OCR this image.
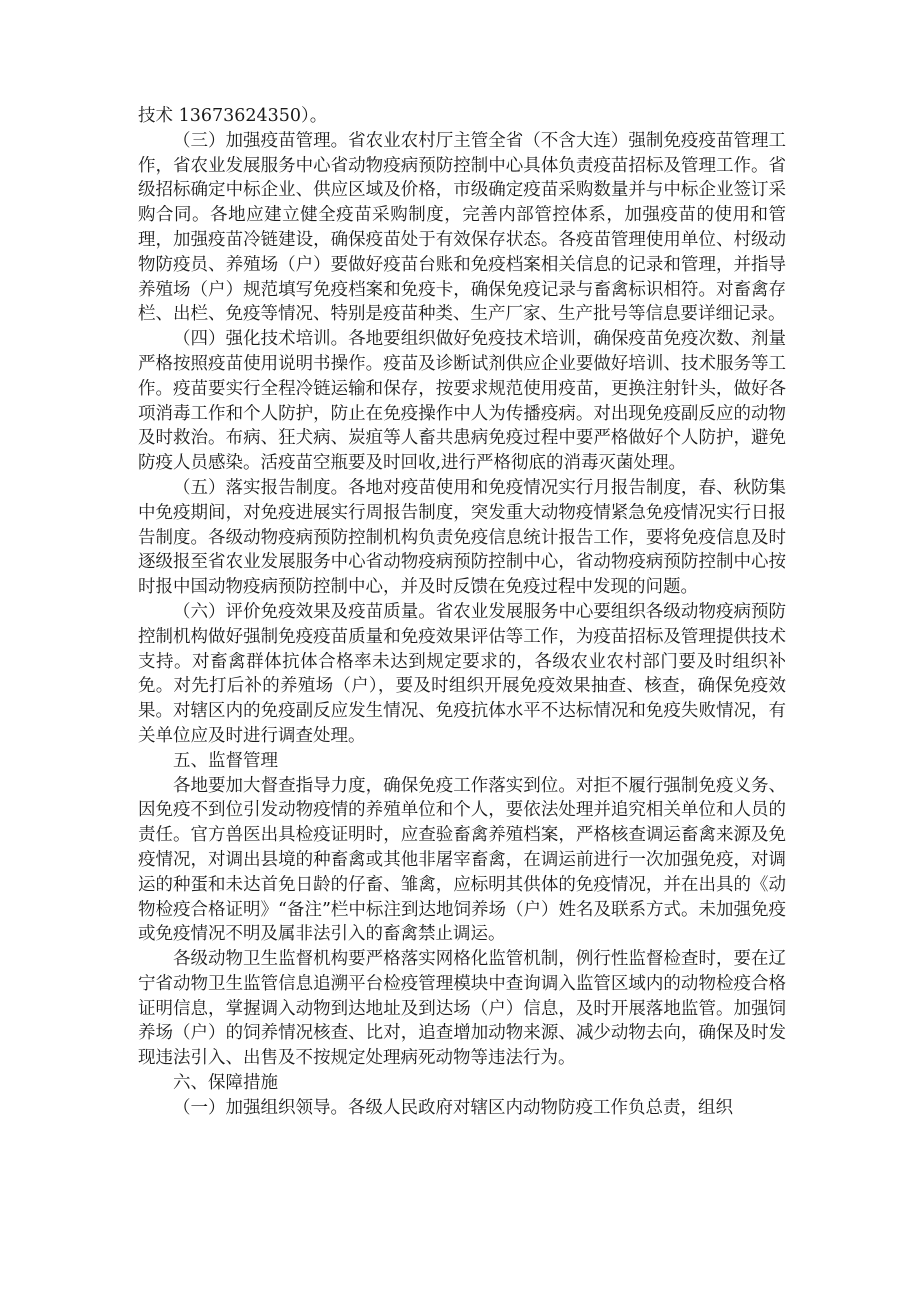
技术 13673624350）。

（三）加强疫苗管理。省农业农村厅主管全省（不含大连）强制免疫疫苗管理工作，省农业发展服务中心省动物疫病预防控制中心具体负责疫苗招标及管理工作。省级招标确定中标企业、供应区域及价格，市级确定疫苗采购数量并与中标企业签订采购合同。各地应建立健全疫苗采购制度，完善内部管控体系，加强疫苗的使用和管理，加强疫苗冷链建设，确保疫苗处于有效保存状态。各疫苗管理使用单位、村级动物防疫员、养殖场（户）要做好疫苗台账和免疫档案相关信息的记录和管理，并指导养殖场（户）规范填写免疫档案和免疫卡，确保免疫记录与畜禽标识相符。对畜禽存栏、出栏、免疫等情况、特别是疫苗种类、生产厂家、生产批号等信息要详细记录。

（四）强化技术培训。各地要组织做好免疫技术培训，确保疫苗免疫次数、剂量严格按照疫苗使用说明书操作。疫苗及诊断试剂供应企业要做好培训、技术服务等工作。疫苗要实行全程冷链运输和保存，按要求规范使用疫苗，更换注射针头，做好各项消毒工作和个人防护，防止在免疫操作中人为传播疫病。对出现免疫副反应的动物及时救治。布病、狂犬病、炭疽等人畜共患病免疫过程中要严格做好个人防护，避免防疫人员感染。活疫苗空瓶要及时回收,进行严格彻底的消毒灭菌处理。

（五）落实报告制度。各地对疫苗使用和免疫情况实行月报告制度，春、秋防集中免疫期间，对免疫进展实行周报告制度，突发重大动物疫情紧急免疫情况实行日报告制度。各级动物疫病预防控制机构负责免疫信息统计报告工作，要将免疫信息及时逐级报至省农业发展服务中心省动物疫病预防控制中心，省动物疫病预防控制中心按时报中国动物疫病预防控制中心，并及时反馈在免疫过程中发现的问题。

（六）评价免疫效果及疫苗质量。省农业发展服务中心要组织各级动物疫病预防控制机构做好强制免疫疫苗质量和免疫效果评估等工作，为疫苗招标及管理提供技术支持。对畜禽群体抗体合格率未达到规定要求的，各级农业农村部门要及时组织补免。对先打后补的养殖场（户），要及时组织开展免疫效果抽查、核查，确保免疫效果。对辖区内的免疫副反应发生情况、免疫抗体水平不达标情况和免疫失败情况，有关单位应及时进行调查处理。

五、监督管理

各地要加大督查指导力度，确保免疫工作落实到位。对拒不履行强制免疫义务、因免疫不到位引发动物疫情的养殖单位和个人，要依法处理并追究相关单位和人员的责任。官方兽医出具检疫证明时，应查验畜禽养殖档案，严格核查调运畜禽来源及免疫情况，对调出县境的种畜禽或其他非屠宰畜禽，在调运前进行一次加强免疫，对调运的种蛋和未达首免日龄的仔畜、雏禽，应标明其供体的免疫情况，并在出具的《动物检疫合格证明》“备注”栏中标注到达地饲养场（户）姓名及联系方式。未加强免疫或免疫情况不明及属非法引入的畜禽禁止调运。

各级动物卫生监督机构要严格落实网格化监管机制，例行性监督检查时，要在辽宁省动物卫生监管信息追溯平台检疫管理模块中查询调入监管区域内的动物检疫合格证明信息，掌握调入动物到达地址及到达场（户）信息，及时开展落地监管。加强饲养场（户）的饲养情况核查、比对，追查增加动物来源、减少动物去向，确保及时发现违法引入、出售及不按规定处理病死动物等违法行为。

六、保障措施

（一）加强组织领导。各级人民政府对辖区内动物防疫工作负总责，组织
